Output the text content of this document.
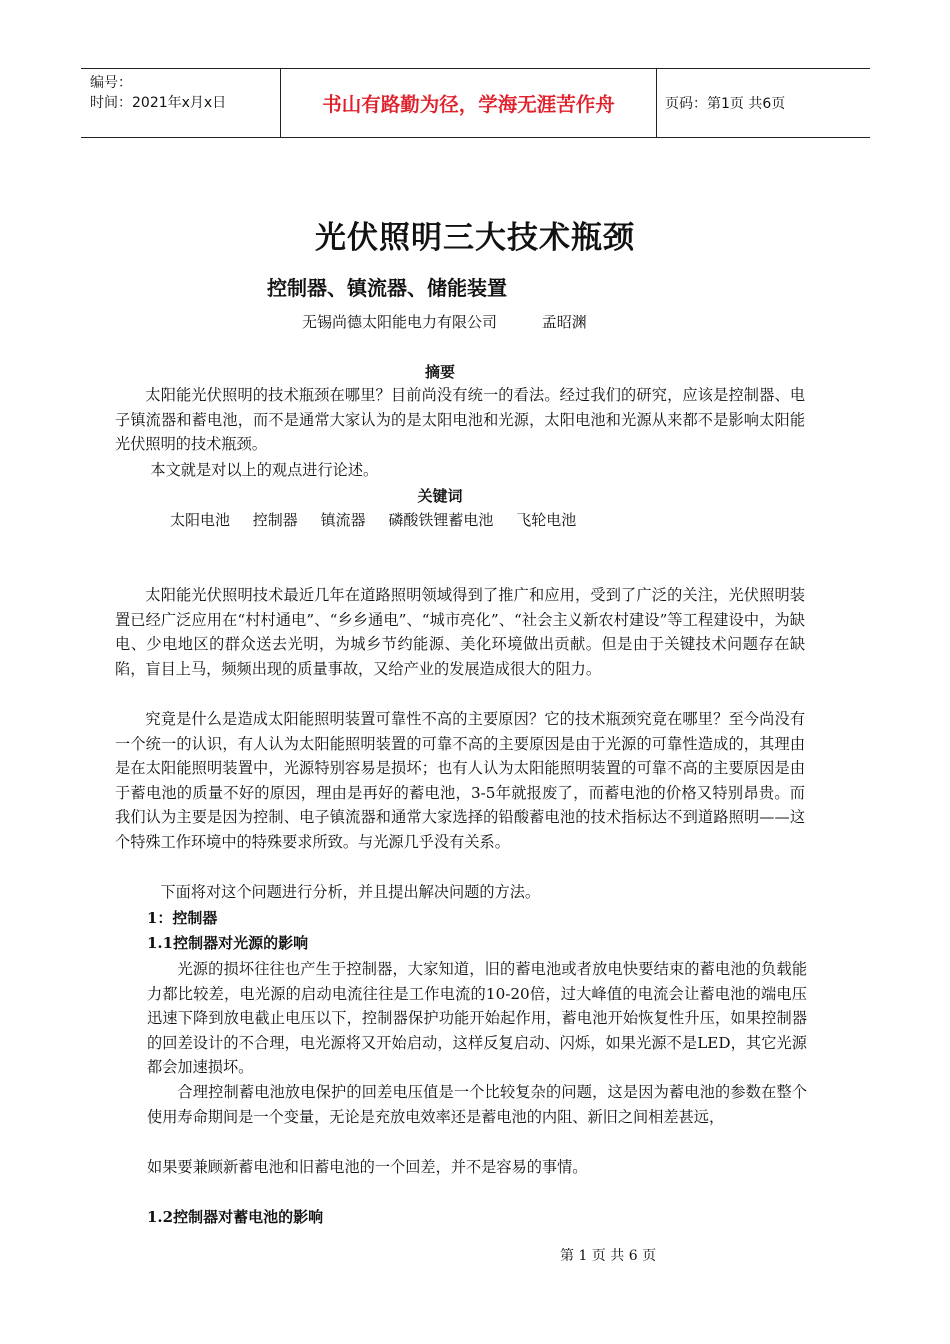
编号：
时间：2021年x月x日	书山有路勤为径，学海无涯苦作舟	页码：第1页 共6页
光伏照明三大技术瓶颈
控制器、镇流器、储能装置
无锡尚德太阳能电力有限公司	孟昭渊
摘要

太阳能光伏照明的技术瓶颈在哪里？目前尚没有统一的看法。经过我们的研究，应该是控制器、电子镇流器和蓄电池，而不是通常大家认为的是太阳电池和光源，太阳电池和光源从来都不是影响太阳能光伏照明的技术瓶颈。

本文就是对以上的观点进行论述。

关键词
太阳电池 控制器 镇流器 磷酸铁锂蓄电池 飞轮电池

太阳能光伏照明技术最近几年在道路照明领域得到了推广和应用，受到了广泛的关注，光伏照明装置已经广泛应用在“村村通电”、“乡乡通电”、“城市亮化”、“社会主义新农村建设”等工程建设中，为缺电、少电地区的群众送去光明，为城乡节约能源、美化环境做出贡献。但是由于关键技术问题存在缺陷，盲目上马，频频出现的质量事故，又给产业的发展造成很大的阻力。

究竟是什么是造成太阳能照明装置可靠性不高的主要原因？它的技术瓶颈究竟在哪里？至今尚没有一个统一的认识，有人认为太阳能照明装置的可靠不高的主要原因是由于光源的可靠性造成的，其理由是在太阳能照明装置中，光源特别容易是损坏；也有人认为太阳能照明装置的可靠不高的主要原因是由于蓄电池的质量不好的原因，理由是再好的蓄电池，3-5年就报废了，而蓄电池的价格又特别昂贵。而我们认为主要是因为控制、电子镇流器和通常大家选择的铅酸蓄电池的技术指标达不到道路照明——这个特殊工作环境中的特殊要求所致。与光源几乎没有关系。

下面将对这个问题进行分析，并且提出解决问题的方法。

1：控制器
1.1控制器对光源的影响

光源的损坏往往也产生于控制器，大家知道，旧的蓄电池或者放电快要结束的蓄电池的负载能力都比较差，电光源的启动电流往往是工作电流的10-20倍，过大峰值的电流会让蓄电池的端电压迅速下降到放电截止电压以下，控制器保护功能开始起作用，蓄电池开始恢复性升压，如果控制器的回差设计的不合理，电光源将又开始启动，这样反复启动、闪烁，如果光源不是LED，其它光源都会加速损坏。

合理控制蓄电池放电保护的回差电压值是一个比较复杂的问题，这是因为蓄电池的参数在整个使用寿命期间是一个变量，无论是充放电效率还是蓄电池的内阻、新旧之间相差甚远，

如果要兼顾新蓄电池和旧蓄电池的一个回差，并不是容易的事情。

1.2控制器对蓄电池的影响
第 1 页 共 6 页
